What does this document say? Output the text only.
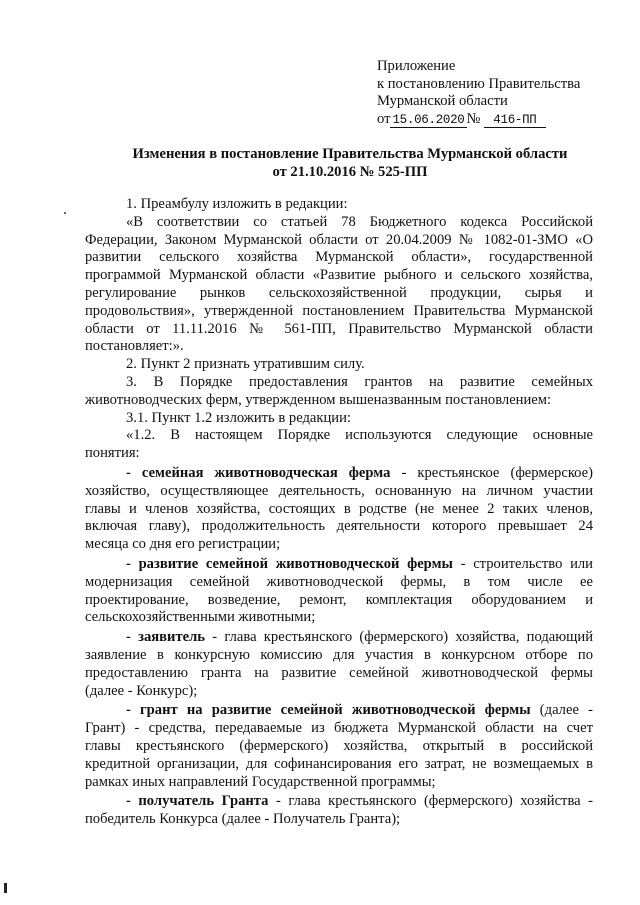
Приложение
к постановлению Правительства
Мурманской области
от 15.06.2020 № 416-ПП
Изменения в постановление Правительства Мурманской области
от 21.10.2016 № 525-ПП
1. Преамбулу изложить в редакции:
«В соответствии со статьей 78 Бюджетного кодекса Российской
Федерации, Законом Мурманской области от 20.04.2009 № 1082-01-ЗМО «О
развитии сельского хозяйства Мурманской области», государственной
программой Мурманской области «Развитие рыбного и сельского хозяйства,
регулирование рынков сельскохозяйственной продукции, сырья и
продовольствия», утвержденной постановлением Правительства Мурманской
области от 11.11.2016 № 561-ПП, Правительство Мурманской области
постановляет:».
2. Пункт 2 признать утратившим силу.
3. В Порядке предоставления грантов на развитие семейных
животноводческих ферм, утвержденном вышеназванным постановлением:
3.1. Пункт 1.2 изложить в редакции:
«1.2. В настоящем Порядке используются следующие основные
понятия:
- семейная животноводческая ферма - крестьянское (фермерское)
хозяйство, осуществляющее деятельность, основанную на личном участии
главы и членов хозяйства, состоящих в родстве (не менее 2 таких членов,
включая главу), продолжительность деятельности которого превышает 24
месяца со дня его регистрации;
- развитие семейной животноводческой фермы - строительство или
модернизация семейной животноводческой фермы, в том числе ее
проектирование, возведение, ремонт, комплектация оборудованием и
сельскохозяйственными животными;
- заявитель - глава крестьянского (фермерского) хозяйства, подающий
заявление в конкурсную комиссию для участия в конкурсном отборе по
предоставлению гранта на развитие семейной животноводческой фермы
(далее - Конкурс);
- грант на развитие семейной животноводческой фермы (далее -
Грант) - средства, передаваемые из бюджета Мурманской области на счет
главы крестьянского (фермерского) хозяйства, открытый в российской
кредитной организации, для софинансирования его затрат, не возмещаемых в
рамках иных направлений Государственной программы;
- получатель Гранта - глава крестьянского (фермерского) хозяйства -
победитель Конкурса (далее - Получатель Гранта);
